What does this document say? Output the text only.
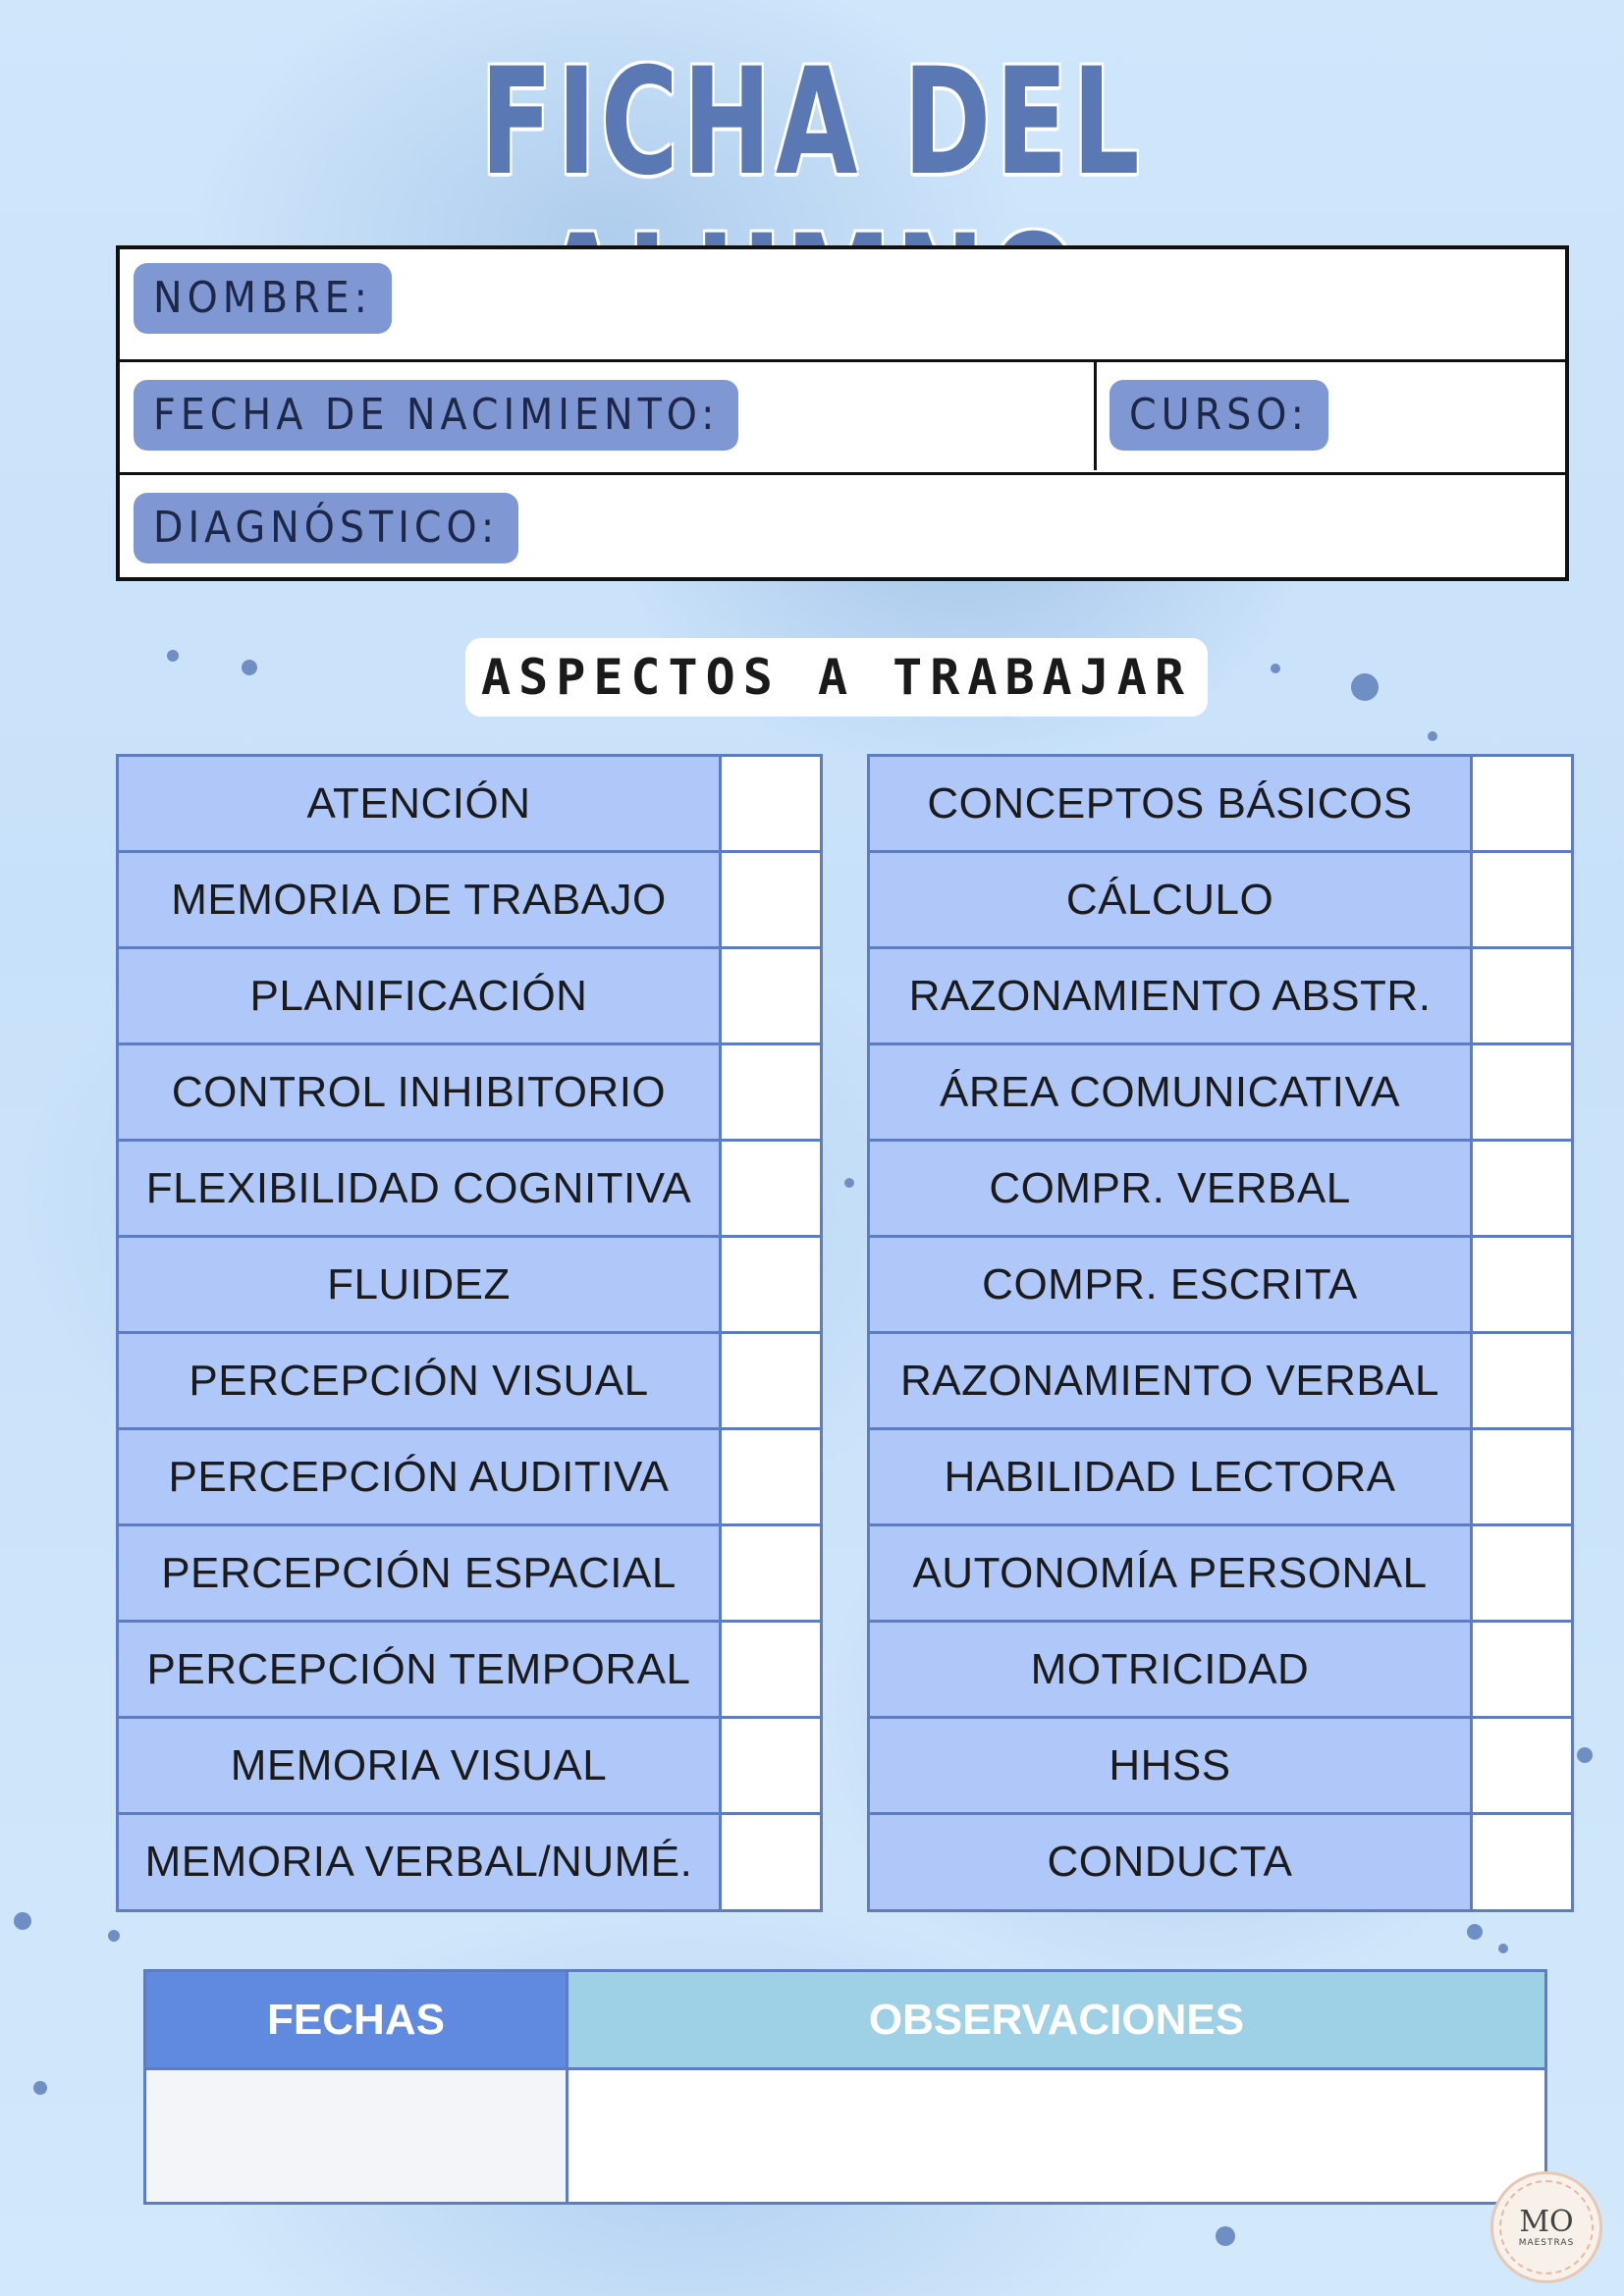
FICHA DEL
NOMBRE:
FECHA DE NACIMIENTO:	CURSO:
DIAGNÓSTICO:
ASPECTOS A TRABAJAR
ATENCIÓN
MEMORIA DE TRABAJO
PLANIFICACIÓN
CONTROL INHIBITORIO
FLEXIBILIDAD COGNITIVA
FLUIDEZ
PERCEPCIÓN VISUAL
PERCEPCIÓN AUDITIVA
PERCEPCIÓN ESPACIAL
PERCEPCIÓN TEMPORAL
MEMORIA VISUAL
MEMORIA VERBAL/NUMÉ.
CONCEPTOS BÁSICOS
CÁLCULO
RAZONAMIENTO ABSTR.
ÁREA COMUNICATIVA
COMPR. VERBAL
COMPR. ESCRITA
RAZONAMIENTO VERBAL
HABILIDAD LECTORA
AUTONOMÍA PERSONAL
MOTRICIDAD
HHSS
CONDUCTA
FECHAS	OBSERVACIONES
MO
MAESTRAS
